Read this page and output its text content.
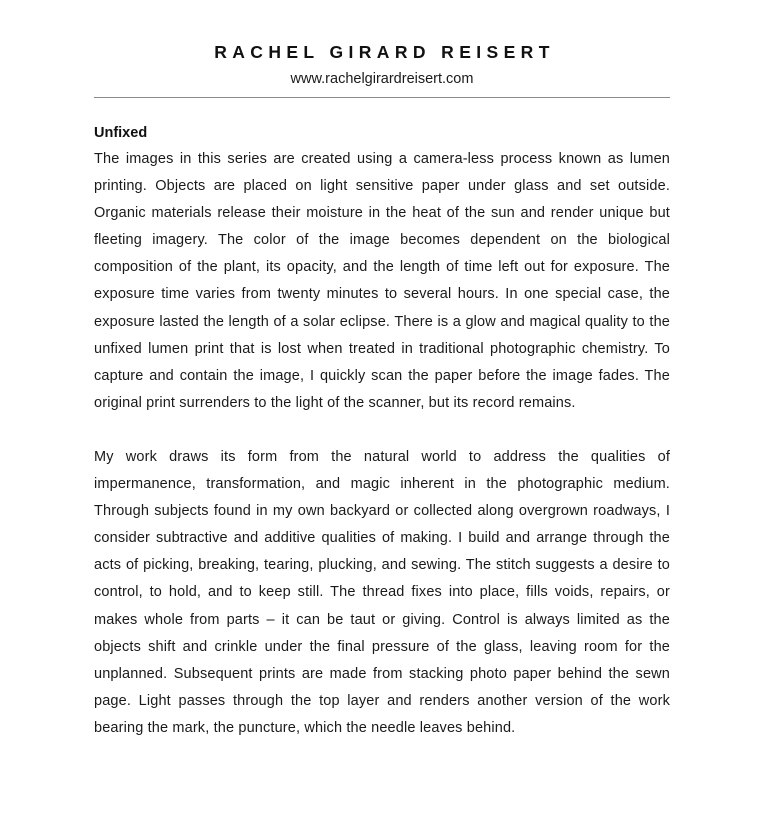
RACHEL GIRARD REISERT
www.rachelgirardreisert.com
Unfixed

The images in this series are created using a camera-less process known as lumen printing. Objects are placed on light sensitive paper under glass and set outside. Organic materials release their moisture in the heat of the sun and render unique but fleeting imagery. The color of the image becomes dependent on the biological composition of the plant, its opacity, and the length of time left out for exposure. The exposure time varies from twenty minutes to several hours. In one special case, the exposure lasted the length of a solar eclipse. There is a glow and magical quality to the unfixed lumen print that is lost when treated in traditional photographic chemistry. To capture and contain the image, I quickly scan the paper before the image fades. The original print surrenders to the light of the scanner, but its record remains.

My work draws its form from the natural world to address the qualities of impermanence, transformation, and magic inherent in the photographic medium. Through subjects found in my own backyard or collected along overgrown roadways, I consider subtractive and additive qualities of making. I build and arrange through the acts of picking, breaking, tearing, plucking, and sewing. The stitch suggests a desire to control, to hold, and to keep still. The thread fixes into place, fills voids, repairs, or makes whole from parts – it can be taut or giving. Control is always limited as the objects shift and crinkle under the final pressure of the glass, leaving room for the unplanned. Subsequent prints are made from stacking photo paper behind the sewn page. Light passes through the top layer and renders another version of the work bearing the mark, the puncture, which the needle leaves behind.
